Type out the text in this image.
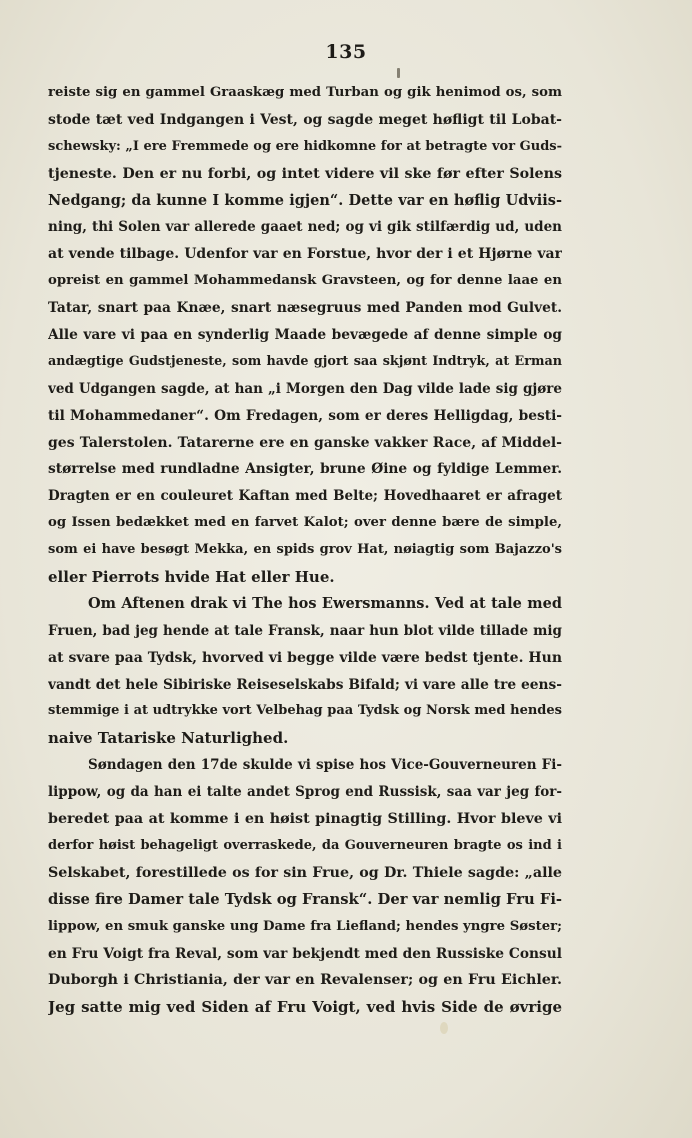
135
reiste sig en gammel Graaskæg med Turban og gik henimod os, som
stode tæt ved Indgangen i Vest, og sagde meget høfligt til Lobat-
schewsky: „I ere Fremmede og ere hidkomne for at betragte vor Guds-
tjeneste. Den er nu forbi, og intet videre vil ske før efter Solens
Nedgang; da kunne I komme igjen“. Dette var en høflig Udviis-
ning, thi Solen var allerede gaaet ned; og vi gik stilfærdig ud, uden
at vende tilbage. Udenfor var en Forstue, hvor der i et Hjørne var
opreist en gammel Mohammedansk Gravsteen, og for denne laae en
Tatar, snart paa Knæe, snart næsegruus med Panden mod Gulvet.
Alle vare vi paa en synderlig Maade bevægede af denne simple og
andægtige Gudstjeneste, som havde gjort saa skjønt Indtryk, at Erman
ved Udgangen sagde, at han „i Morgen den Dag vilde lade sig gjøre
til Mohammedaner“. Om Fredagen, som er deres Helligdag, besti-
ges Talerstolen. Tatarerne ere en ganske vakker Race, af Middel-
størrelse med rundladne Ansigter, brune Øine og fyldige Lemmer.
Dragten er en couleuret Kaftan med Belte; Hovedhaaret er afraget
og Issen bedækket med en farvet Kalot; over denne bære de simple,
som ei have besøgt Mekka, en spids grov Hat, nøiagtig som Bajazzo's
eller Pierrots hvide Hat eller Hue.
Om Aftenen drak vi The hos Ewersmanns. Ved at tale med
Fruen, bad jeg hende at tale Fransk, naar hun blot vilde tillade mig
at svare paa Tydsk, hvorved vi begge vilde være bedst tjente. Hun
vandt det hele Sibiriske Reiseselskabs Bifald; vi vare alle tre eens-
stemmige i at udtrykke vort Velbehag paa Tydsk og Norsk med hendes
naive Tatariske Naturlighed.
Søndagen den 17de skulde vi spise hos Vice-Gouverneuren Fi-
lippow, og da han ei talte andet Sprog end Russisk, saa var jeg for-
beredet paa at komme i en høist pinagtig Stilling. Hvor bleve vi
derfor høist behageligt overraskede, da Gouverneuren bragte os ind i
Selskabet, forestillede os for sin Frue, og Dr. Thiele sagde: „alle
disse fire Damer tale Tydsk og Fransk“. Der var nemlig Fru Fi-
lippow, en smuk ganske ung Dame fra Liefland; hendes yngre Søster;
en Fru Voigt fra Reval, som var bekjendt med den Russiske Consul
Duborgh i Christiania, der var en Revalenser; og en Fru Eichler.
Jeg satte mig ved Siden af Fru Voigt, ved hvis Side de øvrige
